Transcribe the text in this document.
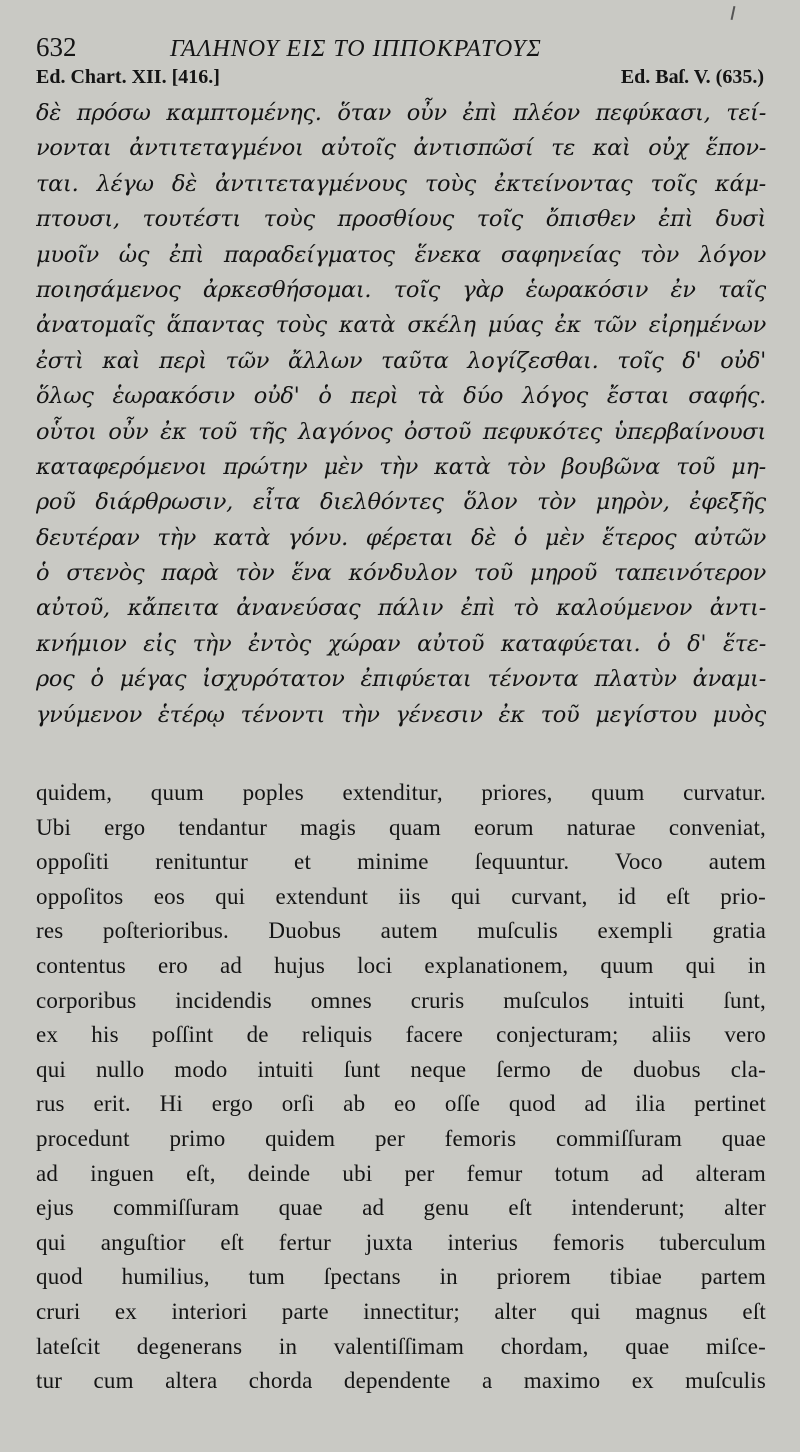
632	ΓΑΛΗΝΟΥ ΕΙΣ ΤΟ ΙΠΠΟΚΡΑΤΟΥΣ
Ed. Chart. XII. [416.]	Ed. Baſ. V. (635.)
δὲ πρόσω καμπτομένης. ὅταν οὖν ἐπὶ πλέον πεφύκασι, τεί-
νονται ἀντιτεταγμένοι αὐτοῖς ἀντισπῶσί τε καὶ οὐχ ἕπον-
ται. λέγω δὲ ἀντιτεταγμένους τοὺς ἐκτείνοντας τοῖς κάμ-
πτουσι, τουτέστι τοὺς προσθίους τοῖς ὄπισθεν ἐπὶ δυσὶ
μυοῖν ὡς ἐπὶ παραδείγματος ἕνεκα σαφηνείας τὸν λόγον
ποιησάμενος ἀρκεσθήσομαι. τοῖς γὰρ ἑωρακόσιν ἐν ταῖς
ἀνατομαῖς ἅπαντας τοὺς κατὰ σκέλη μύας ἐκ τῶν εἰρημένων
ἐστὶ καὶ περὶ τῶν ἄλλων ταῦτα λογίζεσθαι. τοῖς δ' οὐδ'
ὅλως ἑωρακόσιν οὐδ' ὁ περὶ τὰ δύο λόγος ἔσται σαφής.
οὗτοι οὖν ἐκ τοῦ τῆς λαγόνος ὀστοῦ πεφυκότες ὑπερβαίνουσι
καταφερόμενοι πρώτην μὲν τὴν κατὰ τὸν βουβῶνα τοῦ μη-
ροῦ διάρθρωσιν, εἶτα διελθόντες ὅλον τὸν μηρὸν, ἐφεξῆς
δευτέραν τὴν κατὰ γόνυ. φέρεται δὲ ὁ μὲν ἕτερος αὐτῶν
ὁ στενὸς παρὰ τὸν ἕνα κόνδυλον τοῦ μηροῦ ταπεινότερον
αὐτοῦ, κἄπειτα ἀνανεύσας πάλιν ἐπὶ τὸ καλούμενον ἀντι-
κνήμιον εἰς τὴν ἐντὸς χώραν αὐτοῦ καταφύεται. ὁ δ' ἕτε-
ρος ὁ μέγας ἰσχυρότατον ἐπιφύεται τένοντα πλατὺν ἀναμι-
γνύμενον ἑτέρῳ τένοντι τὴν γένεσιν ἐκ τοῦ μεγίστου μυὸς
quidem, quum poples extenditur, priores, quum curvatur.
Ubi ergo tendantur magis quam eorum naturae conveniat,
oppoſiti renituntur et minime ſequuntur. Voco autem
oppoſitos eos qui extendunt iis qui curvant, id eſt prio-
res poſterioribus. Duobus autem muſculis exempli gratia
contentus ero ad hujus loci explanationem, quum qui in
corporibus incidendis omnes cruris muſculos intuiti ſunt,
ex his poſſint de reliquis facere conjecturam; aliis vero
qui nullo modo intuiti ſunt neque ſermo de duobus cla-
rus erit. Hi ergo orſi ab eo oſſe quod ad ilia pertinet
procedunt primo quidem per femoris commiſſuram quae
ad inguen eſt, deinde ubi per femur totum ad alteram
ejus commiſſuram quae ad genu eſt intenderunt; alter
qui anguſtior eſt fertur juxta interius femoris tuberculum
quod humilius, tum ſpectans in priorem tibiae partem
cruri ex interiori parte innectitur; alter qui magnus eſt
lateſcit degenerans in valentiſſimam chordam, quae miſce-
tur cum altera chorda dependente a maximo ex muſculis
